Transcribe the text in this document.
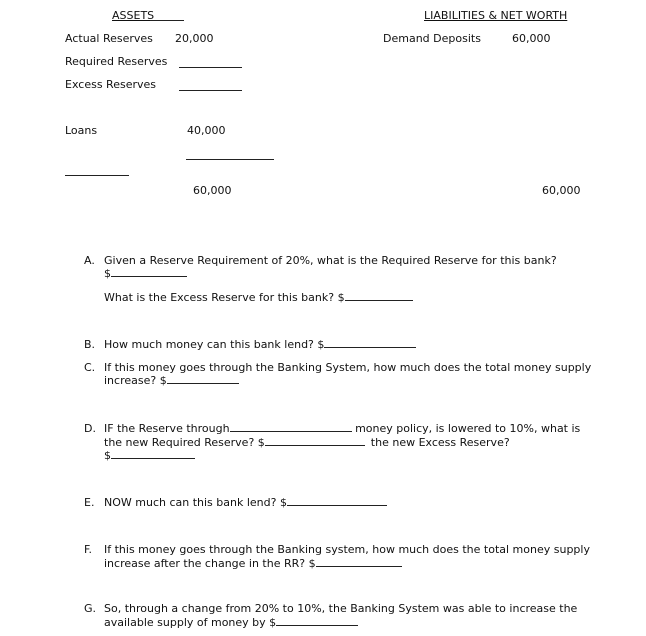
ASSETS	LIABILITIES & NET WORTH
Actual Reserves 20,000
Required Reserves
Excess Reserves
Loans	40,000
60,000
Demand Deposits	60,000
60,000
A. Given a Reserve Requirement of 20%, what is the Required Reserve for this bank?
$
What is the Excess Reserve for this bank? $
B. How much money can this bank lend? $
C. If this money goes through the Banking System, how much does the total money supply
increase? $
D. IF the Reserve through	money policy, is lowered to 10%, what is
the new Required Reserve? $	the new Excess Reserve?
$
E. NOW much can this bank lend? $
F. If this money goes through the Banking system, how much does the total money supply
increase after the change in the RR? $
G. So, through a change from 20% to 10%, the Banking System was able to increase the
available supply of money by $
